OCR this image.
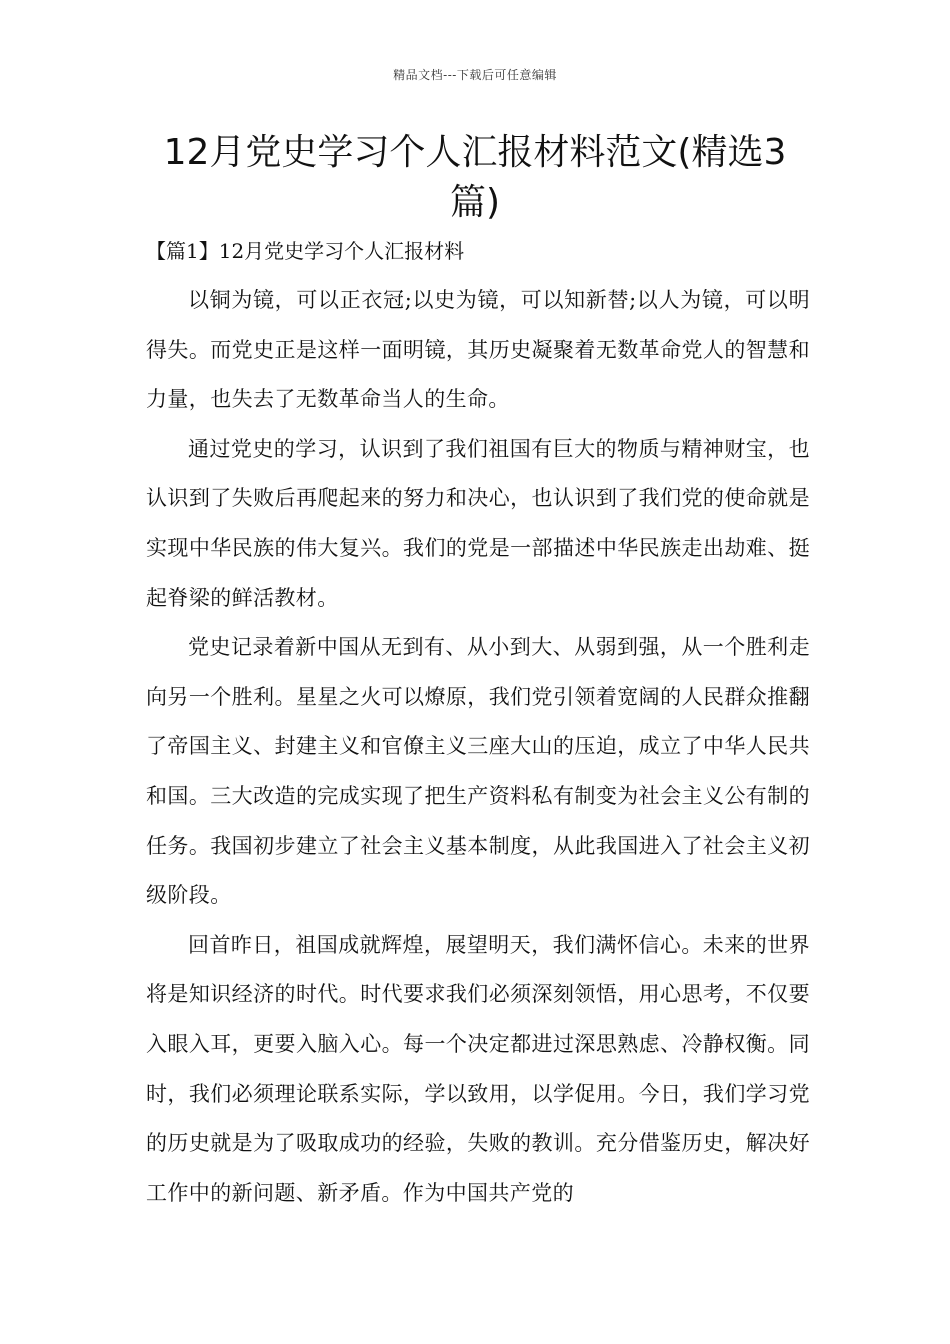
精品文档---下载后可任意编辑
12月党史学习个人汇报材料范文(精选3篇)
【篇1】12月党史学习个人汇报材料

以铜为镜，可以正衣冠;以史为镜，可以知新替;以人为镜，可以明得失。而党史正是这样一面明镜，其历史凝聚着无数革命党人的智慧和力量，也失去了无数革命当人的生命。

通过党史的学习，认识到了我们祖国有巨大的物质与精神财宝，也认识到了失败后再爬起来的努力和决心，也认识到了我们党的使命就是实现中华民族的伟大复兴。我们的党是一部描述中华民族走出劫难、挺起脊梁的鲜活教材。

党史记录着新中国从无到有、从小到大、从弱到强，从一个胜利走向另一个胜利。星星之火可以燎原，我们党引领着宽阔的人民群众推翻了帝国主义、封建主义和官僚主义三座大山的压迫，成立了中华人民共和国。三大改造的完成实现了把生产资料私有制变为社会主义公有制的任务。我国初步建立了社会主义基本制度，从此我国进入了社会主义初级阶段。

回首昨日，祖国成就辉煌，展望明天，我们满怀信心。未来的世界将是知识经济的时代。时代要求我们必须深刻领悟，用心思考，不仅要入眼入耳，更要入脑入心。每一个决定都进过深思熟虑、冷静权衡。同时，我们必须理论联系实际，学以致用，以学促用。今日，我们学习党的历史就是为了吸取成功的经验，失败的教训。充分借鉴历史，解决好工作中的新问题、新矛盾。作为中国共产党的
